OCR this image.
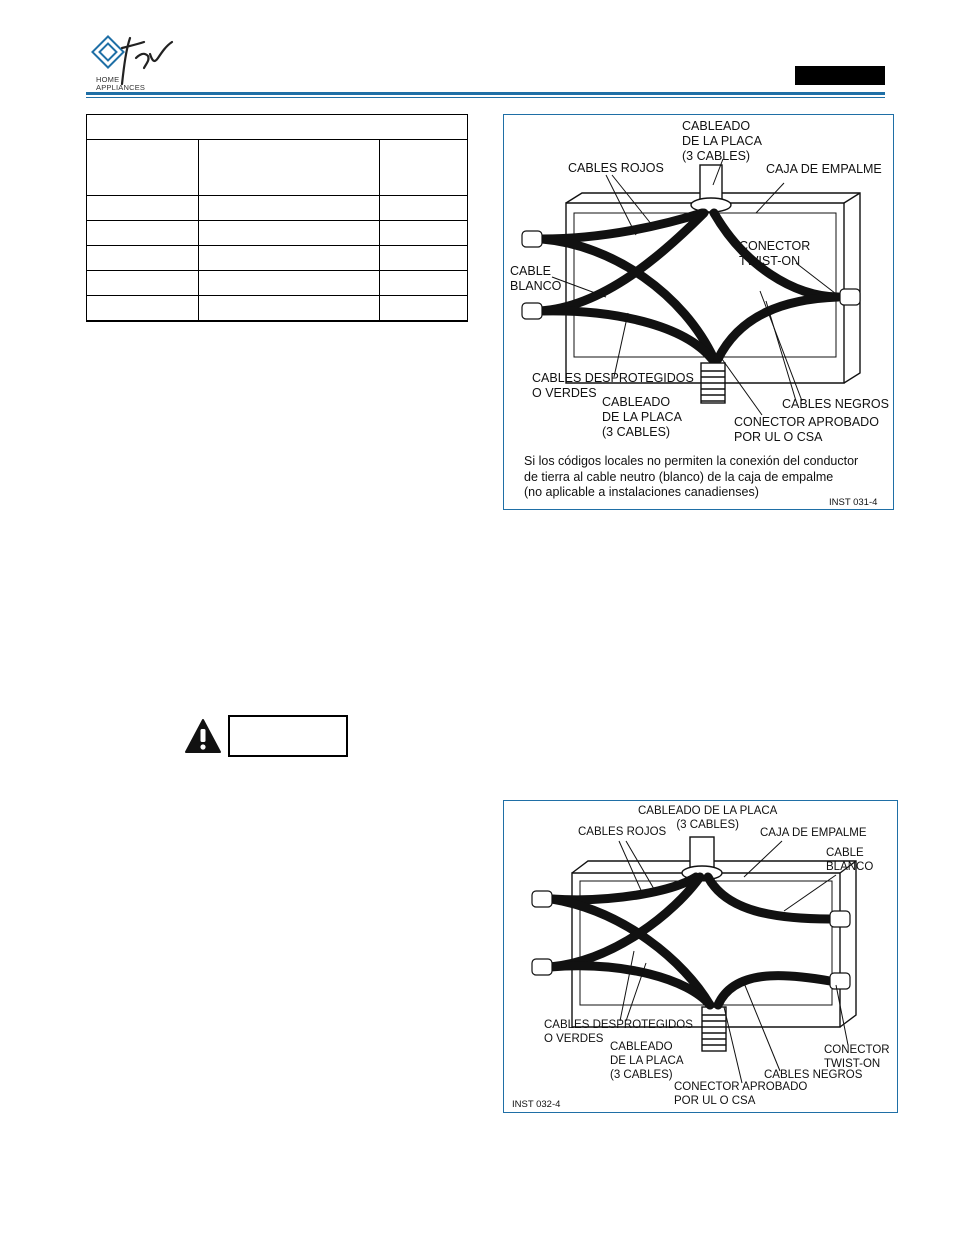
HOME
APPLIANCES

CABLEADO
DE LA PLACA
(3 CABLES)
CABLES ROJOS	CAJA DE EMPALME
CONECTOR
TWIST-ON
CABLE
BLANCO
CABLES DESPROTEGIDOS
O VERDES
CABLEADO
DE LA PLACA
(3 CABLES)
CABLES NEGROS
CONECTOR APROBADO
POR UL O CSA
Si los códigos locales no permiten la conexión del conductor
de tierra al cable neutro (blanco) de la caja de empalme
(no aplicable a instalaciones canadienses)
INST 031-4
CABLEADO DE LA PLACA
(3 CABLES)
CABLES ROJOS	CAJA DE EMPALME
CABLE
BLANCO
CABLES DESPROTEGIDOS
O VERDES
CABLEADO
DE LA PLACA
(3 CABLES)	CABLES NEGROS
CONECTOR
TWIST-ON
CONECTOR APROBADO
POR UL O CSA
INST 032-4
